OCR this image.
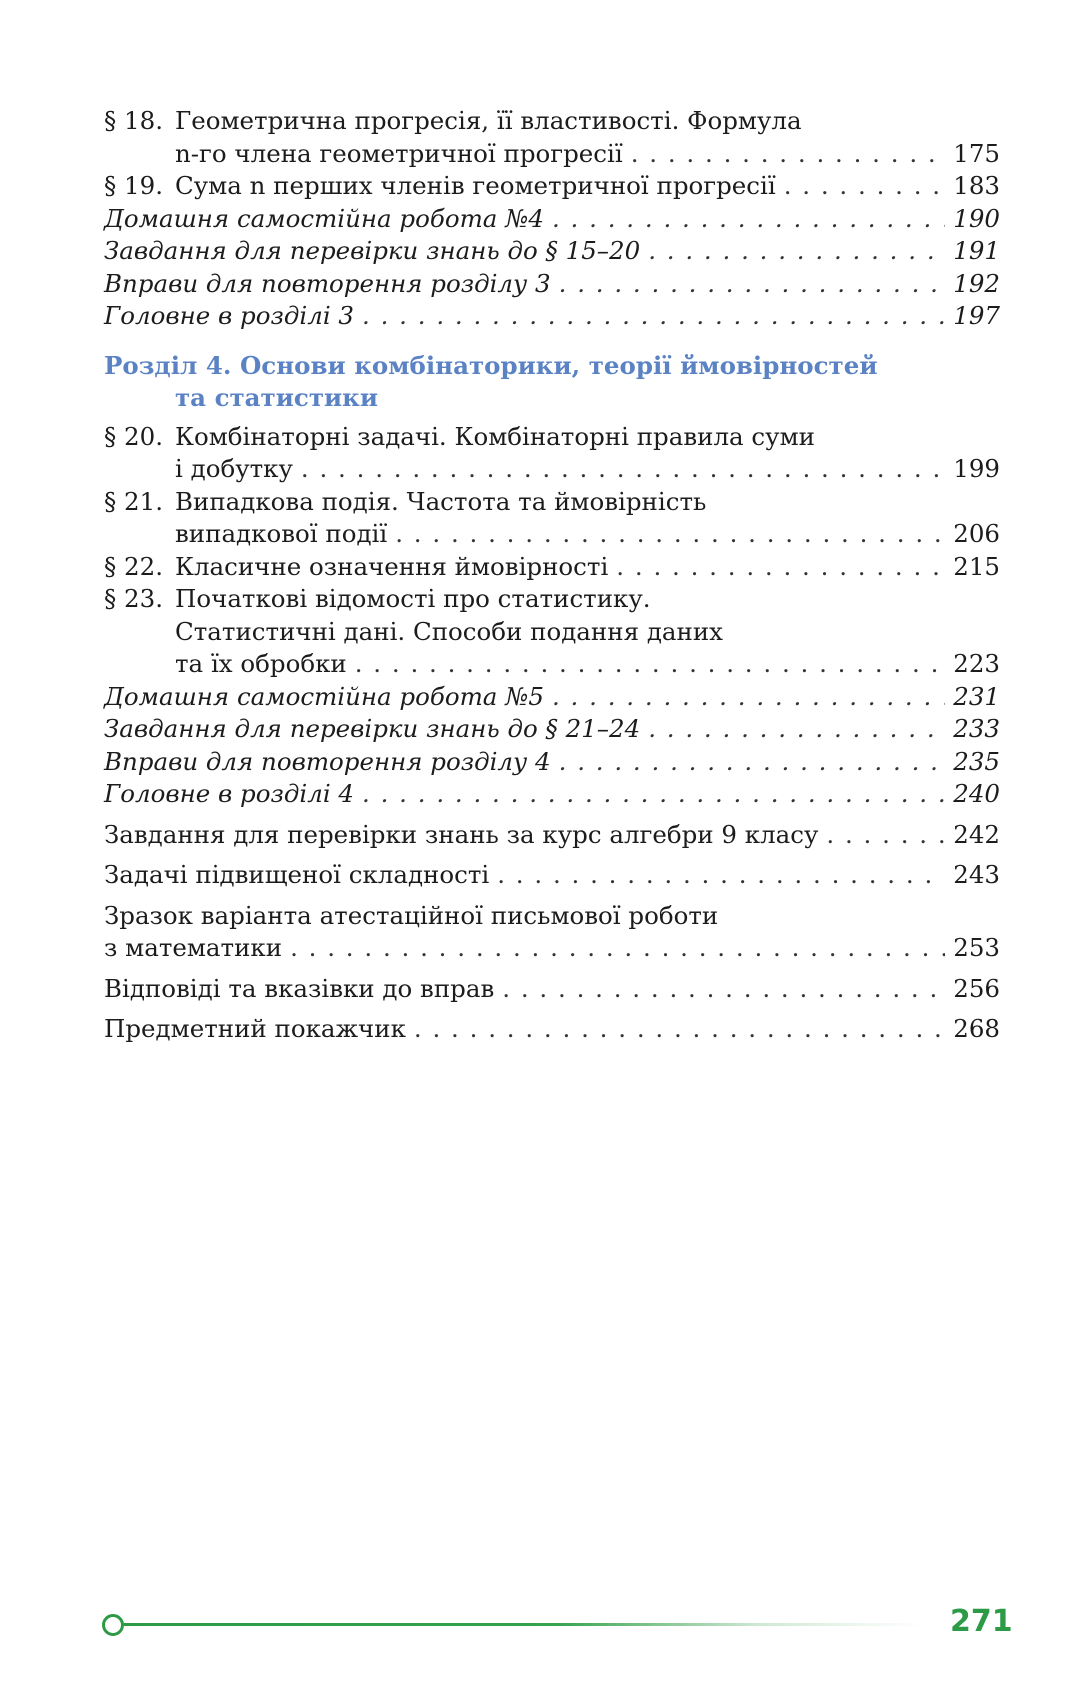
§ 18. Геометрична прогресія, її властивості. Формула
n-го члена геометричної прогресії . . .	175
§ 19. Сума n перших членів геометричної прогресії . . .	183
Домашня самостійна робота №4 . . .	190
Завдання для перевірки знань до § 15–20 . . .	191
Вправи для повторення розділу 3 . . .	192
Головне в розділі 3 . . .	197
Розділ 4. Основи комбінаторики, теорії ймовірностей
та статистики
§ 20. Комбінаторні задачі. Комбінаторні правила суми
і добутку . . .	199
§ 21. Випадкова подія. Частота та ймовірність
випадкової події . . .	206
§ 22. Класичне означення ймовірності . . .	215
§ 23. Початкові відомості про статистику.
Статистичні дані. Способи подання даних
та їх обробки . . .	223
Домашня самостійна робота №5 . . .	231
Завдання для перевірки знань до § 21–24 . . .	233
Вправи для повторення розділу 4 . . .	235
Головне в розділі 4 . . .	240
Завдання для перевірки знань за курс алгебри 9 класу . . .	242
Задачі підвищеної складності . . .	243
Зразок варіанта атестаційної письмової роботи
з математики . . .	253
Відповіді та вказівки до вправ . . .	256
Предметний покажчик . . .	268
271
